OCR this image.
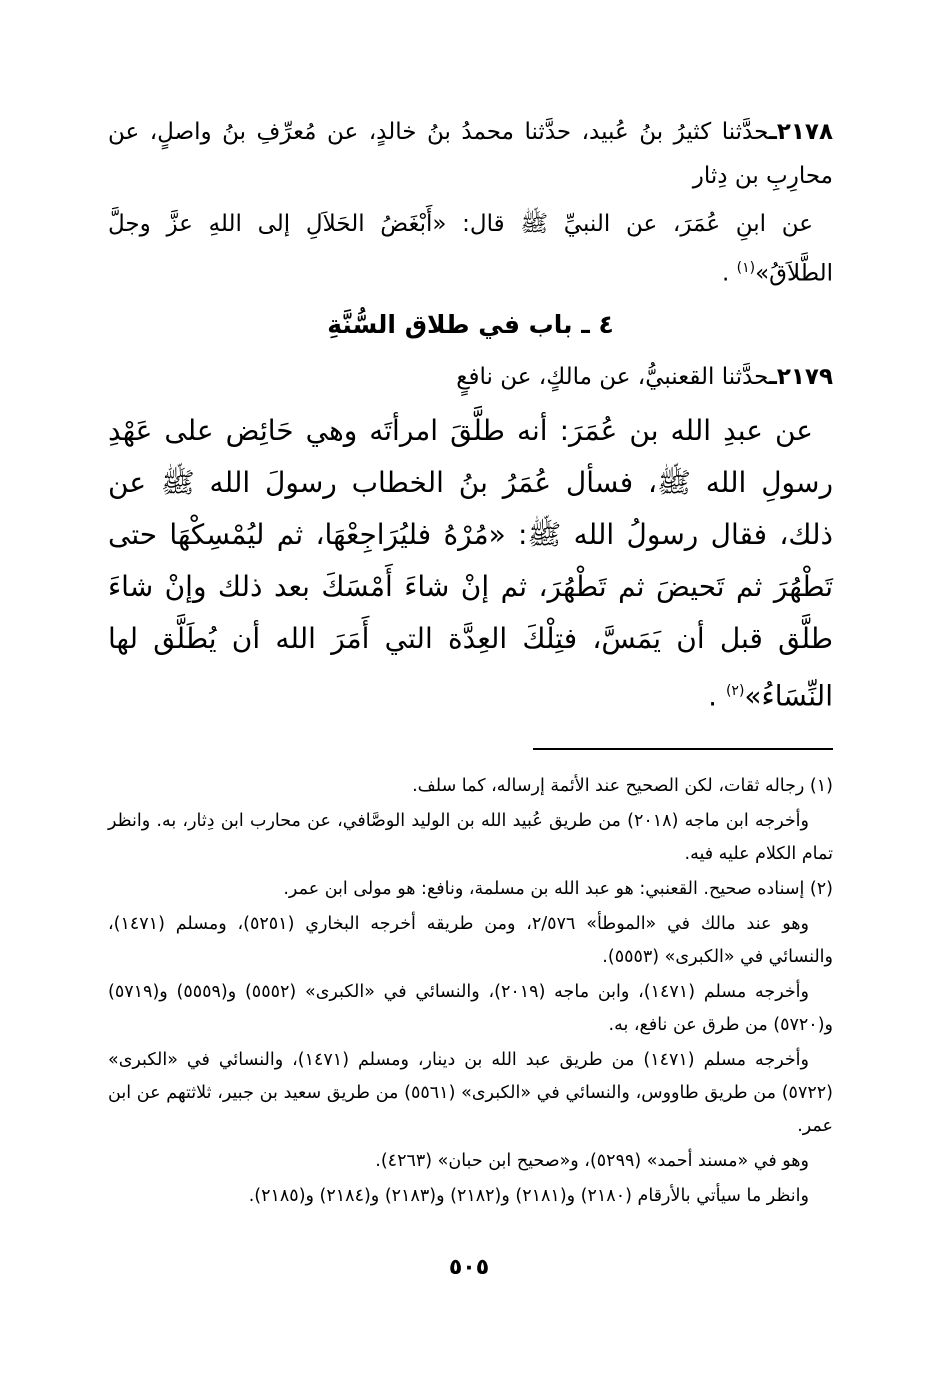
٢١٧٨ـحدَّثنا كثيرُ بنُ عُبيد، حدَّثنا محمدُ بنُ خالدٍ، عن مُعرِّفِ بنُ واصلٍ، عن محارِبِ بن دِثار

عن ابنِ عُمَرَ، عن النبيِّ ﷺ قال: «أَبْغَضُ الحَلاَلِ إلى اللهِ عزَّ وجلَّ الطَّلاَقُ»$^{(١)}$ .

٤ ـ باب في طلاق السُّنَّةِ

٢١٧٩ـحدَّثنا القعنبيُّ، عن مالكٍ، عن نافعٍ

عن عبدِ الله بن عُمَرَ: أنه طلَّقَ امرأتَه وهي حَائِض على عَهْدِ رسولِ الله ﷺ، فسأل عُمَرُ بنُ الخطاب رسولَ الله ﷺ عن ذلك، فقال رسولُ الله ﷺ: «مُرْهُ فليُرَاجِعْهَا، ثم ليُمْسِكْهَا حتى تَطْهُرَ ثم تَحيضَ ثم تَطْهُرَ، ثم إنْ شاءَ أَمْسَكَ بعد ذلك وإنْ شاءَ طلَّق قبل أن يَمَسَّ، فتِلْكَ العِدَّة التي أَمَرَ الله أن يُطَلَّق لها النِّسَاءُ»$^{(٢)}$ .

(١) رجاله ثقات، لكن الصحيح عند الأئمة إرساله، كما سلف.

وأخرجه ابن ماجه (٢٠١٨) من طريق عُبيد الله بن الوليد الوصَّافي، عن محارب ابن دِثار، به. وانظر تمام الكلام عليه فيه.

(٢) إسناده صحيح. القعنبي: هو عبد الله بن مسلمة، ونافع: هو مولى ابن عمر.

وهو عند مالك في «الموطأ» ٢/٥٧٦، ومن طريقه أخرجه البخاري (٥٢٥١)، ومسلم (١٤٧١)، والنسائي في «الكبرى» (٥٥٥٣).

وأخرجه مسلم (١٤٧١)، وابن ماجه (٢٠١٩)، والنسائي في «الكبرى» (٥٥٥٢) و(٥٥٥٩) و(٥٧١٩) و(٥٧٢٠) من طرق عن نافع، به.

وأخرجه مسلم (١٤٧١) من طريق عبد الله بن دينار، ومسلم (١٤٧١)، والنسائي في «الكبرى» (٥٧٢٢) من طريق طاووس، والنسائي في «الكبرى» (٥٥٦١) من طريق سعيد بن جبير، ثلاثتهم عن ابن عمر.

وهو في «مسند أحمد» (٥٢٩٩)، و«صحيح ابن حبان» (٤٢٦٣).

وانظر ما سيأتي بالأرقام (٢١٨٠) و(٢١٨١) و(٢١٨٢) و(٢١٨٣) و(٢١٨٤) و(٢١٨٥).

٥٠٥
